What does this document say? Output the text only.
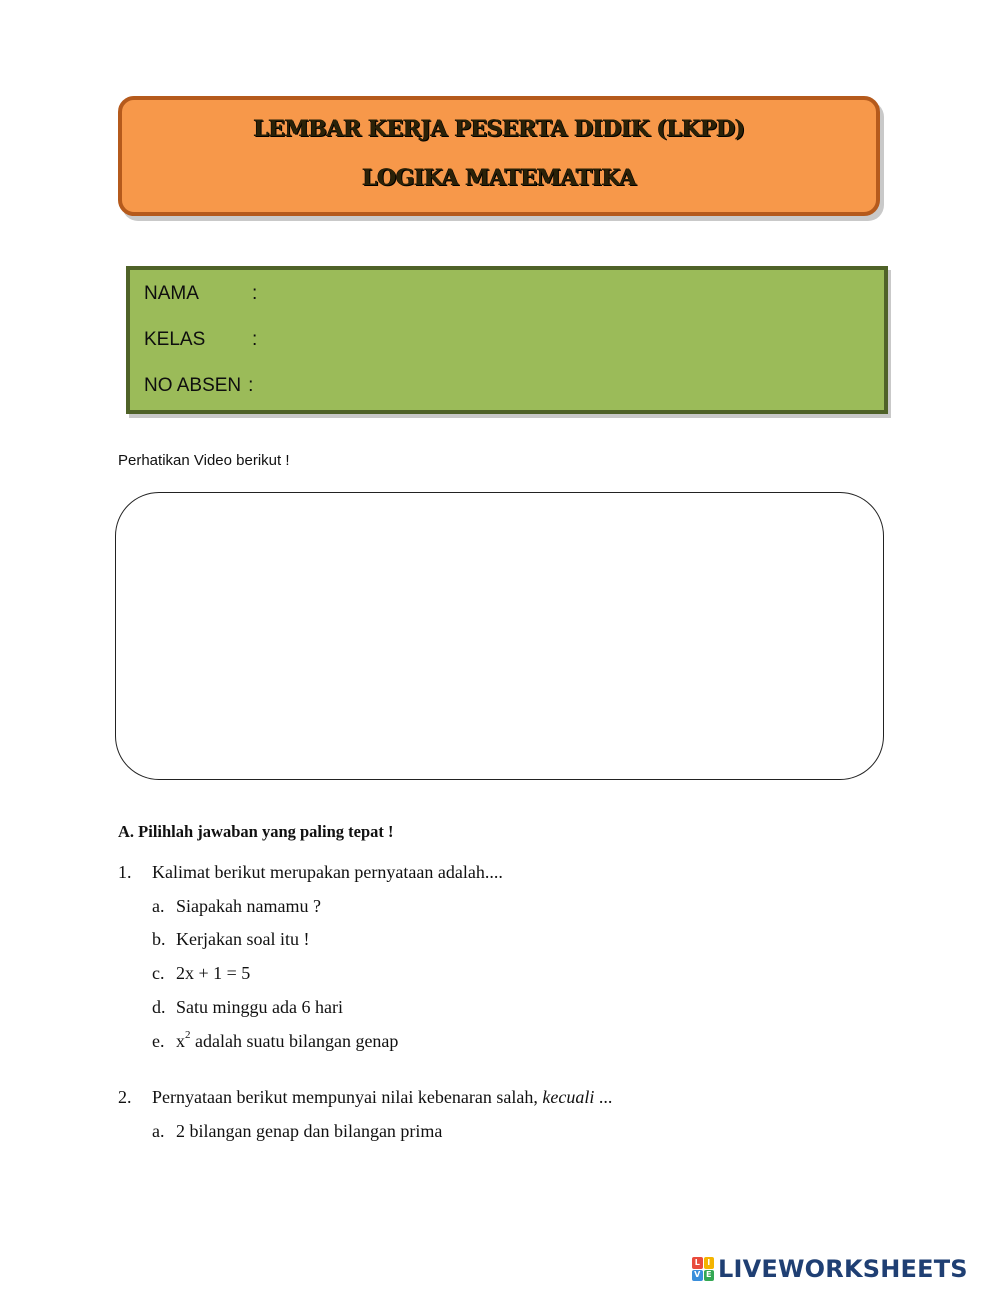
LEMBAR KERJA PESERTA DIDIK (LKPD)
LOGIKA MATEMATIKA
NAMA	:
KELAS :
NO ABSEN :
Perhatikan Video berikut !
A. Pilihlah jawaban yang paling tepat !
1. Kalimat berikut merupakan pernyataan adalah....
a. Siapakah namamu ?
b. Kerjakan soal itu !
c. 2x + 1 = 5
d. Satu minggu ada 6 hari
e. $x^2$ adalah suatu bilangan genap
2. Pernyataan berikut mempunyai nilai kebenaran salah, kecuali ...
a. 2 bilangan genap dan bilangan prima
L I
V E LIVEWORKSHEETS
